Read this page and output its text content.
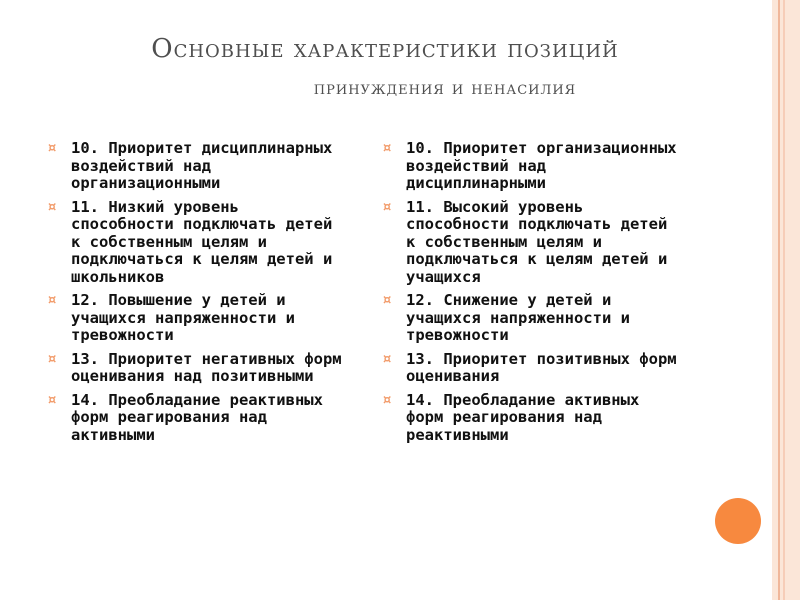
Основные характеристики позиций
принуждения и ненасилия
¤ 10. Приоритет дисциплинарных воздействий над организационными
¤ 11. Низкий уровень способности подключать детей к собственным целям и подключаться к целям детей и школьников
¤ 12. Повышение у детей и учащихся напряженности и тревожности
¤ 13. Приоритет негативных форм оценивания над позитивными
¤ 14. Преобладание реактивных форм реагирования над активными
¤ 10. Приоритет организационных воздействий над дисциплинарными
¤ 11. Высокий уровень способности подключать детей к собственным целям и подключаться к целям детей и учащихся
¤ 12. Снижение у детей и учащихся напряженности и тревожности
¤ 13. Приоритет позитивных форм оценивания
¤ 14. Преобладание активных форм реагирования над реактивными
